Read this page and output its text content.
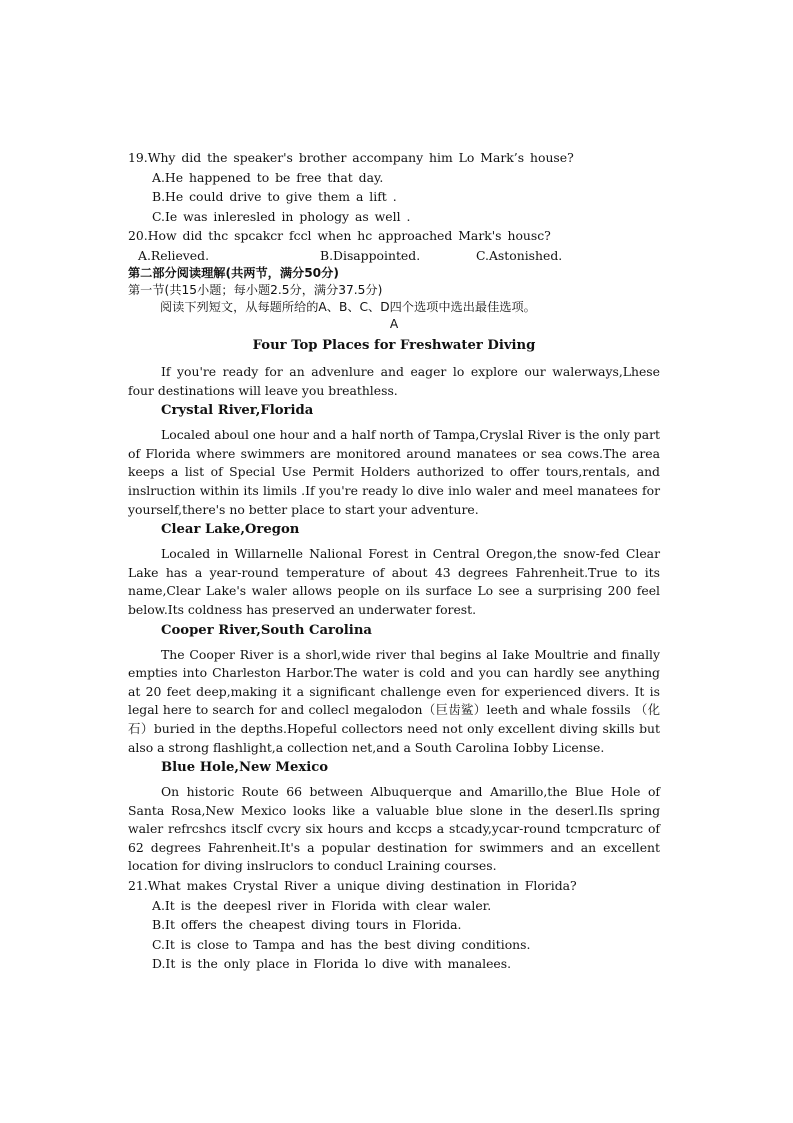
19.Why did the speaker's brother accompany him Lo Mark’s house?
A.He happened to be free that day.
B.He could drive to give them a lift .
C.Ie was inleresled in phology as well .
20.How did thc spcakcr fccl when hc approached Mark's housc?
A.Relieved.	B.Disappointed.	C.Astonished.
第二部分阅读理解(共两节，满分50分)
第一节(共15小题；每小题2.5分，满分37.5分)
阅读下列短文，从每题所给的A、B、C、D四个选项中选出最佳选项。
A
Four Top Places for Freshwater Diving

If you're ready for an advenlure and eager lo explore our walerways,Lhese four destinations will leave you breathless.

Crystal River,Florida

Localed aboul one hour and a half north of Tampa,Cryslal River is the only part of Florida where swimmers are monitored around manatees or sea cows.The area keeps a list of Special Use Permit Holders authorized to offer tours,rentals, and inslruction within its limils .If you're ready lo dive inlo waler and meel manatees for yourself,there's no better place to start your adventure.

Clear Lake,Oregon

Localed in Willarnelle Nalional Forest in Central Oregon,the snow-fed Clear Lake has a year-round temperature of about 43 degrees Fahrenheit.True to its name,Clear Lake's waler allows people on ils surface Lo see a surprising 200 feel below.Its coldness has preserved an underwater forest.

Cooper River,South Carolina

The Cooper River is a shorl,wide river thal begins al Iake Moultrie and finally empties into Charleston Harbor.The water is cold and you can hardly see anything at 20 feet deep,making it a significant challenge even for experienced divers. It is legal here to search for and collecl megalodon（巨齿鲨）leeth and whale fossils （化石）buried in the depths.Hopeful collectors need not only excellent diving skills but also a strong flashlight,a collection net,and a South Carolina Iobby License.

Blue Hole,New Mexico

On historic Route 66 between Albuquerque and Amarillo,the Blue Hole of Santa Rosa,New Mexico looks like a valuable blue slone in the deserl.Ils spring waler refrcshcs itsclf cvcry six hours and kccps a stcady,ycar-round tcmpcraturc of 62 degrees Fahrenheit.It's a popular destination for swimmers and an excellent location for diving inslruclors to conducl Lraining courses.

21.What makes Crystal River a unique diving destination in Florida?
A.It is the deepesl river in Florida with clear waler.
B.It offers the cheapest diving tours in Florida.
C.It is close to Tampa and has the best diving conditions.
D.It is the only place in Florida lo dive with manalees.
